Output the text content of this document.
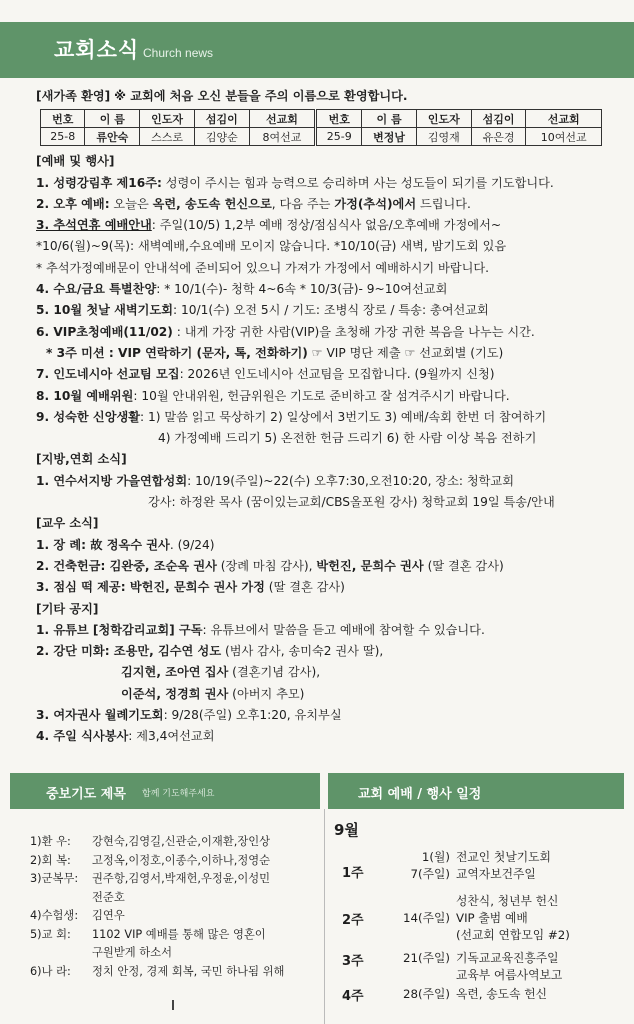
교회소식 Church news
[새가족 환영] ※ 교회에 처음 오신 분들을 주의 이름으로 환영합니다.
번호	이 름	인도자	섬김이	선교회	번호	이 름	인도자	섬김이	선교회
25-8	류안숙	스스로	김양순	8여선교	25-9	변정남	김영재	유은경	10여선교
[예배 및 행사]
1. 성령강림후 제16주: 성령이 주시는 힘과 능력으로 승리하며 사는 성도들이 되기를 기도합니다.
2. 오후 예배: 오늘은 옥련, 송도속 헌신으로, 다음 주는 가정(추석)에서 드립니다.
3. 추석연휴 예배안내: 주일(10/5) 1,2부 예배 정상/점심식사 없음/오후예배 가정에서~
*10/6(월)~9(목): 새벽예배,수요예배 모이지 않습니다. *10/10(금) 새벽, 밤기도회 있음
* 추석가정예배문이 안내석에 준비되어 있으니 가져가 가정에서 예배하시기 바랍니다.
4. 수요/금요 특별찬양: * 10/1(수)- 청학 4~6속 * 10/3(금)- 9~10여선교회
5. 10월 첫날 새벽기도회: 10/1(수) 오전 5시 / 기도: 조병식 장로 / 특송: 총여선교회
6. VIP초청예배(11/02) : 내게 가장 귀한 사람(VIP)을 초청해 가장 귀한 복음을 나누는 시간.
* 3주 미션 : VIP 연락하기 (문자, 톡, 전화하기) ☞ VIP 명단 제출 ☞ 선교회별 (기도)
7. 인도네시아 선교팀 모집: 2026년 인도네시아 선교팀을 모집합니다. (9월까지 신청)
8. 10월 예배위원: 10월 안내위원, 헌금위원은 기도로 준비하고 잘 섬겨주시기 바랍니다.
9. 성숙한 신앙생활: 1) 말씀 읽고 묵상하기 2) 일상에서 3번기도 3) 예배/속회 한번 더 참여하기
4) 가정예배 드리기 5) 온전한 헌금 드리기 6) 한 사람 이상 복음 전하기
[지방,연회 소식]
1. 연수서지방 가을연합성회: 10/19(주일)~22(수) 오후7:30,오전10:20, 장소: 청학교회
강사: 하정완 목사 (꿈이있는교회/CBS올포원 강사) 청학교회 19일 특송/안내
[교우 소식]
1. 장 례: 故 정옥수 권사. (9/24)
2. 건축헌금: 김완중, 조순옥 권사 (장례 마침 감사), 박헌진, 문희수 권사 (딸 결혼 감사)
3. 점심 떡 제공: 박헌진, 문희수 권사 가정 (딸 결혼 감사)
[기타 공지]
1. 유튜브 [청학감리교회] 구독: 유튜브에서 말씀을 듣고 예배에 참여할 수 있습니다.
2. 강단 미화: 조용만, 김수연 성도 (범사 감사, 송미숙2 권사 딸),
김지현, 조아연 집사 (결혼기념 감사),
이준석, 정경희 권사 (아버지 추모)
3. 여자권사 월례기도회: 9/28(주일) 오후1:20, 유치부실
4. 주일 식사봉사: 제3,4여선교회
중보기도 제목 함께 기도해주세요	교회 예배 / 행사 일정
1)환 우:	강현숙,김영길,신관순,이재환,장인상
2)회 복:	고정옥,이정호,이종수,이하나,정영순
3)군복무:	권주항,김영서,박재헌,우정윤,이성민
전준호
4)수험생:	김연우
5)교 회:	1102 VIP 예배를 통해 많은 영혼이
구원받게 하소서
6)나 라:	정치 안정, 경제 회복, 국민 하나됨 위해
9월
1주
1(월) 전교인 첫날기도회
7(주일) 교역자보건주일
2주
성찬식, 청년부 헌신
14(주일) VIP 출범 예배
(선교회 연합모임 #2)
3주	21(주일) 기독교교육진흥주일
교육부 여름사역보고
4주	28(주일) 옥련, 송도속 헌신
